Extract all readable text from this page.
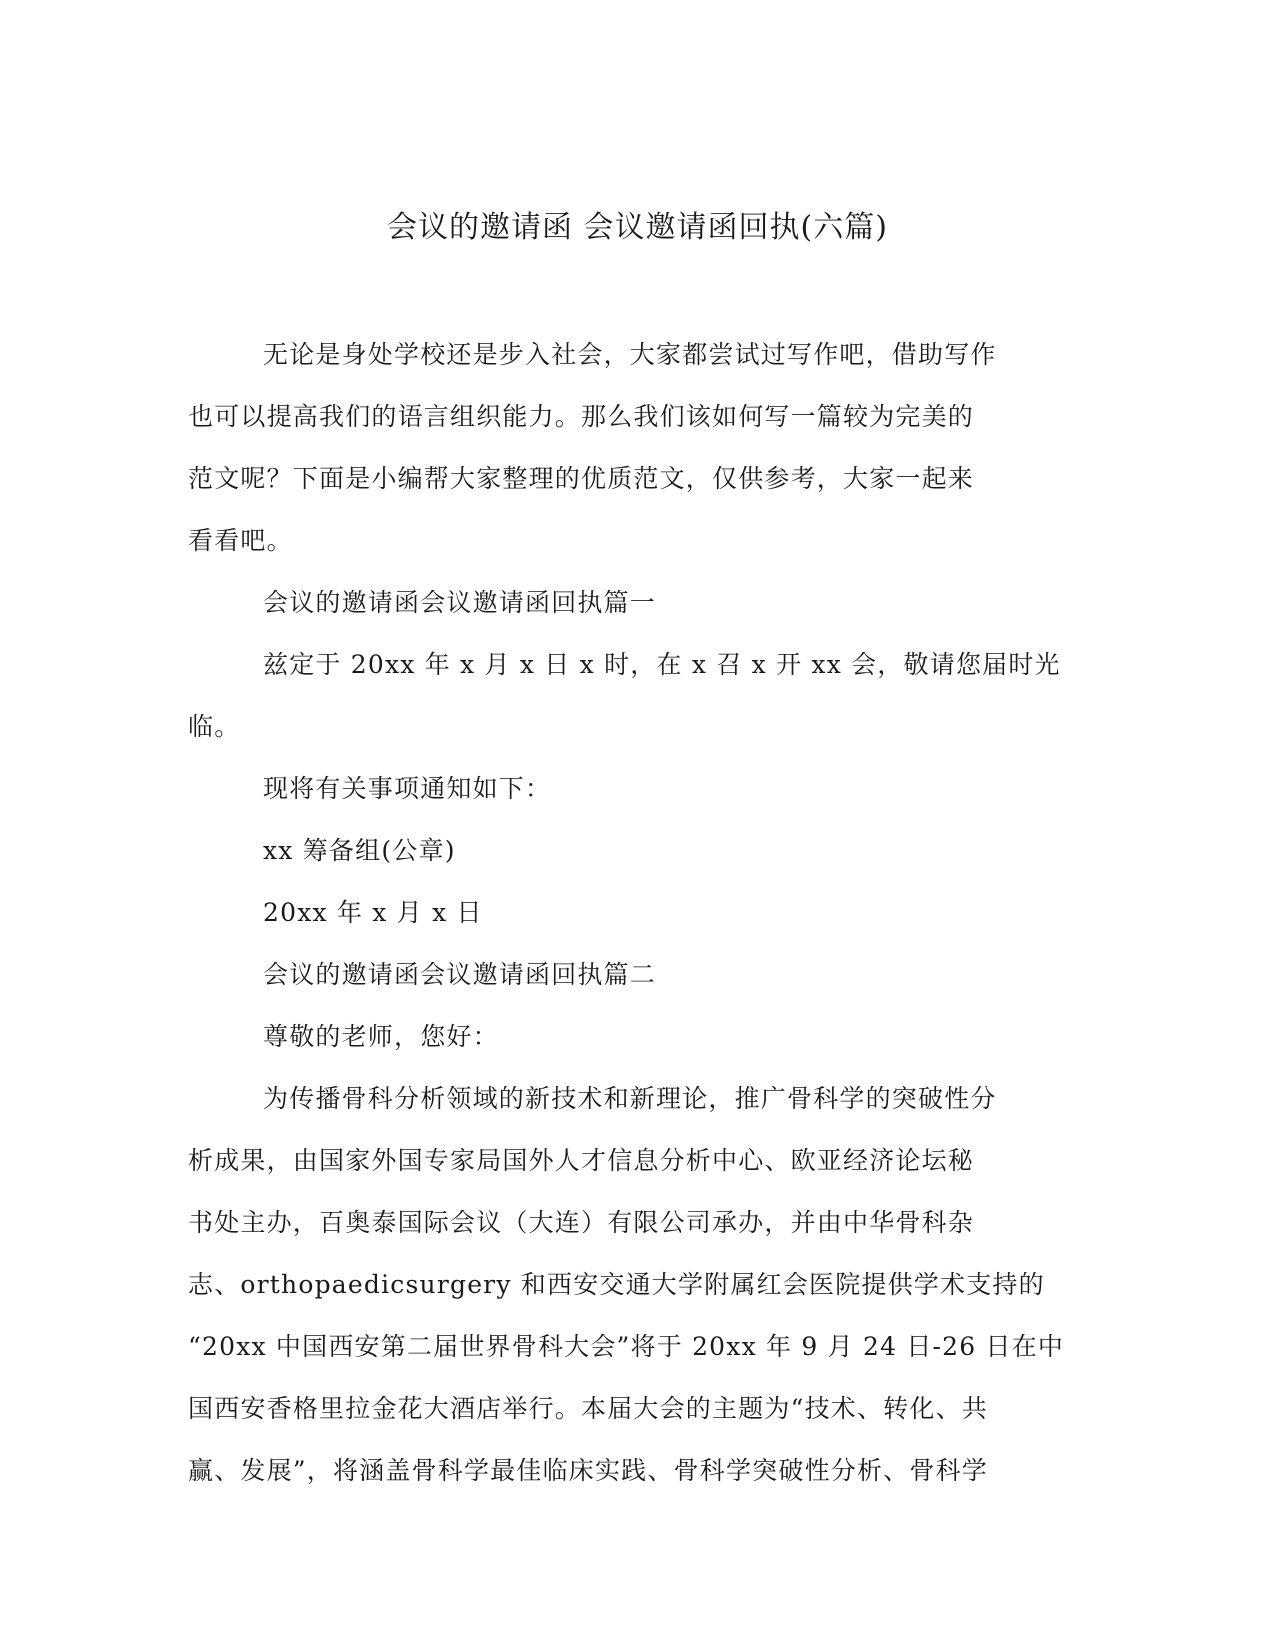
会议的邀请函 会议邀请函回执(六篇)
无论是身处学校还是步入社会，大家都尝试过写作吧，借助写作
也可以提高我们的语言组织能力。那么我们该如何写一篇较为完美的
范文呢？下面是小编帮大家整理的优质范文，仅供参考，大家一起来
看看吧。
会议的邀请函会议邀请函回执篇一
兹定于 20xx 年 x 月 x 日 x 时，在 x 召 x 开 xx 会，敬请您届时光
临。
现将有关事项通知如下：
xx 筹备组(公章)
20xx 年 x 月 x 日
会议的邀请函会议邀请函回执篇二
尊敬的老师，您好：
为传播骨科分析领域的新技术和新理论，推广骨科学的突破性分
析成果，由国家外国专家局国外人才信息分析中心、欧亚经济论坛秘
书处主办，百奥泰国际会议（大连）有限公司承办，并由中华骨科杂
志、orthopaedicsurgery 和西安交通大学附属红会医院提供学术支持的
“20xx 中国西安第二届世界骨科大会”将于 20xx 年 9 月 24 日-26 日在中
国西安香格里拉金花大酒店举行。本届大会的主题为“技术、转化、共
赢、发展”，将涵盖骨科学最佳临床实践、骨科学突破性分析、骨科学
